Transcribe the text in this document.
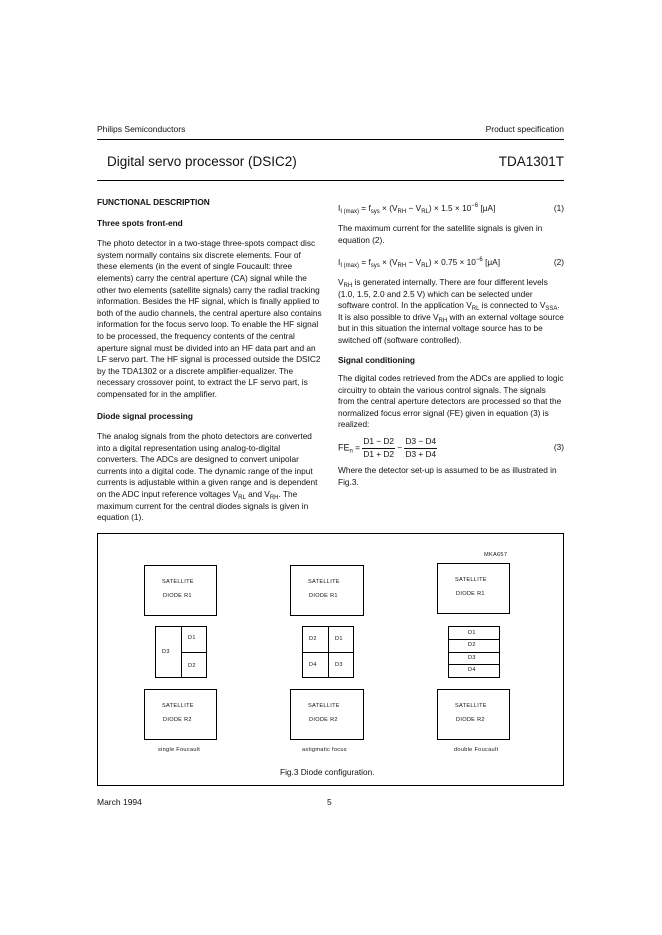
Philips Semiconductors	Product specification
Digital servo processor (DSIC2)	TDA1301T
FUNCTIONAL DESCRIPTION
Three spots front-end

The photo detector in a two-stage three-spots compact disc system normally contains six discrete elements. Four of these elements (in the event of single Foucault: three elements) carry the central aperture (CA) signal while the other two elements (satellite signals) carry the radial tracking information. Besides the HF signal, which is finally applied to both of the audio channels, the central aperture also contains information for the focus servo loop. To enable the HF signal to be processed, the frequency contents of the central aperture signal must be divided into an HF data part and an LF servo part. The HF signal is processed outside the DSIC2 by the TDA1302 or a discrete amplifier-equalizer. The necessary crossover point, to extract the LF servo part, is compensated for in the amplifier.

Diode signal processing

The analog signals from the photo detectors are converted into a digital representation using analog-to-digital converters. The ADCs are designed to convert unipolar currents into a digital code. The dynamic range of the input currents is adjustable within a given range and is dependent on the ADC input reference voltages $V_{RL}$ and $V_{RH}$. The maximum current for the central diodes signals is given in equation (1).

$I_{I (max)} = f_{sys} \times (V_{RH} - V_{RL}) \times 1.5 \times 10^{-6}$ [μA]	(1)

The maximum current for the satellite signals is given in equation (2).

$I_{I (max)} = f_{sys} \times (V_{RH} - V_{RL}) \times 0.75 \times 10^{-6}$ [μA]	(2)

$V_{RH}$ is generated internally. There are four different levels (1.0, 1.5, 2.0 and 2.5 V) which can be selected under software control. In the application $V_{RL}$ is connected to $V_{SSA}$. It is also possible to drive $V_{RH}$ with an external voltage source but in this situation the internal voltage source has to be switched off (software controlled).

Signal conditioning

The digital codes retrieved from the ADCs are applied to logic circuitry to obtain the various control signals. The signals from the central aperture detectors are processed so that the normalized focus error signal (FE) given in equation (3) is realized:

$FE_n = \frac{D1 - D2}{D1 + D2} - \frac{D3 - D4}{D3 + D4}$	(3)

Where the detector set-up is assumed to be as illustrated in Fig.3.

MKA657
SATELLITE
DIODE R1
D3
D1
D2
SATELLITE
DIODE R2
single Foucault
SATELLITE
DIODE R1
D2	D1
D4	D3
SATELLITE
DIODE R2
astigmatic focus
SATELLITE
DIODE R1
D1
D2
D3
D4
SATELLITE
DIODE R2
double Foucault
Fig.3 Diode configuration.
March 1994	5
